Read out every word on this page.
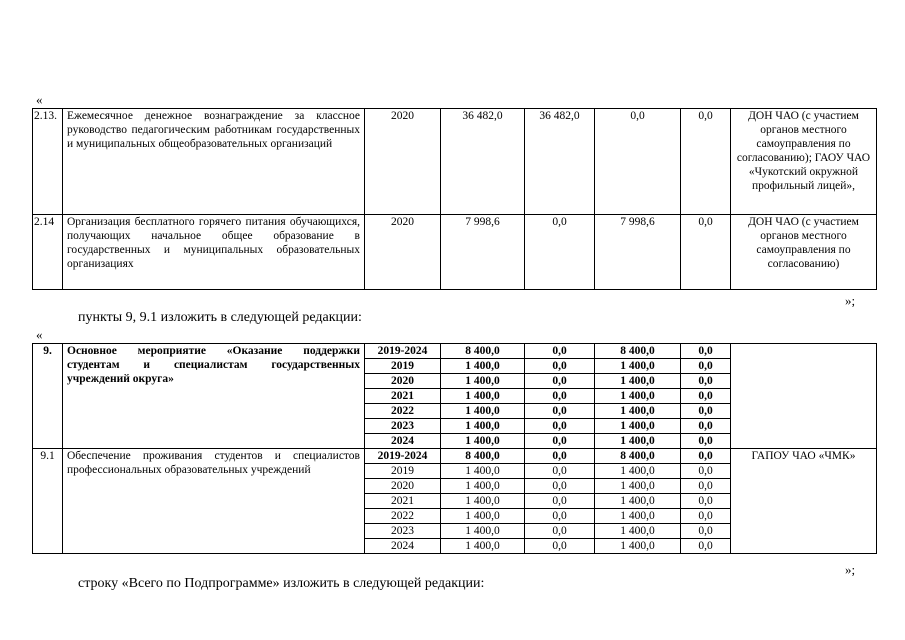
«
2.13.	Ежемесячное денежное вознаграждение за классное руководство педагогическим работникам государственных и муниципальных общеобразовательных организаций	2020	36 482,0	36 482,0	0,0	0,0	ДОН ЧАО (с участием органов местного самоуправления по согласованию); ГАОУ ЧАО «Чукотский окружной профильный лицей»,
2.14	Организация бесплатного горячего питания обучающихся, получающих начальное общее образование в государственных и муниципальных образовательных организациях	2020	7 998,6	0,0	7 998,6	0,0	ДОН ЧАО (с участием органов местного самоуправления по согласованию)
»;
пункты 9, 9.1 изложить в следующей редакции:
«
9.	Основное мероприятие «Оказание поддержки студентам и специалистам государственных учреждений округа»	2019-2024	8 400,0	0,0	8 400,0	0,0	
		2019	1 400,0	0,0	1 400,0	0,0	
		2020	1 400,0	0,0	1 400,0	0,0	
		2021	1 400,0	0,0	1 400,0	0,0	
		2022	1 400,0	0,0	1 400,0	0,0	
		2023	1 400,0	0,0	1 400,0	0,0	
		2024	1 400,0	0,0	1 400,0	0,0	
9.1	Обеспечение проживания студентов и специалистов профессиональных образовательных учреждений	2019-2024	8 400,0	0,0	8 400,0	0,0	ГАПОУ ЧАО «ЧМК»
		2019	1 400,0	0,0	1 400,0	0,0	
		2020	1 400,0	0,0	1 400,0	0,0	
		2021	1 400,0	0,0	1 400,0	0,0	
		2022	1 400,0	0,0	1 400,0	0,0	
		2023	1 400,0	0,0	1 400,0	0,0	
		2024	1 400,0	0,0	1 400,0	0,0	
»;
строку «Всего по Подпрограмме» изложить в следующей редакции:
